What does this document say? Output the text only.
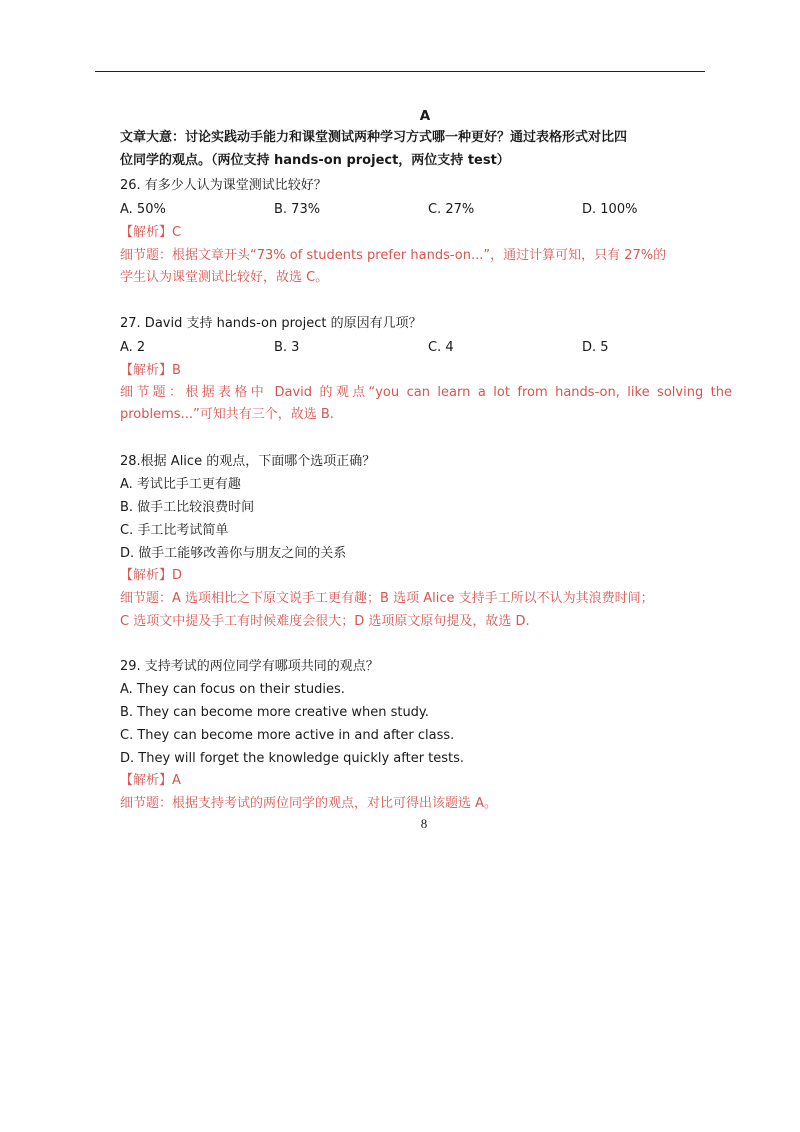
A
文章大意：讨论实践动手能力和课堂测试两种学习方式哪一种更好？通过表格形式对比四
位同学的观点。（两位支持 hands-on project，两位支持 test）
26. 有多少人认为课堂测试比较好？
A. 50%	B. 73%	C. 27%	D. 100%
【解析】C
细节题：根据文章开头“73% of students prefer hands-on...”，通过计算可知，只有 27%的
学生认为课堂测试比较好，故选 C。
27. David 支持 hands-on project 的原因有几项？
A. 2	B. 3	C. 4	D. 5
【解析】B
细节题：根据表格中 David 的观点“you can learn a lot from hands-on, like solving the
problems...”可知共有三个，故选 B.
28.根据 Alice 的观点，下面哪个选项正确？
A. 考试比手工更有趣
B. 做手工比较浪费时间
C. 手工比考试简单
D. 做手工能够改善你与朋友之间的关系
【解析】D
细节题：A 选项相比之下原文说手工更有趣；B 选项 Alice 支持手工所以不认为其浪费时间；
C 选项文中提及手工有时候难度会很大；D 选项原文原句提及，故选 D.
29. 支持考试的两位同学有哪项共同的观点？
A. They can focus on their studies.
B. They can become more creative when study.
C. They can become more active in and after class.
D. They will forget the knowledge quickly after tests.
【解析】A
细节题：根据支持考试的两位同学的观点，对比可得出该题选 A。
8
